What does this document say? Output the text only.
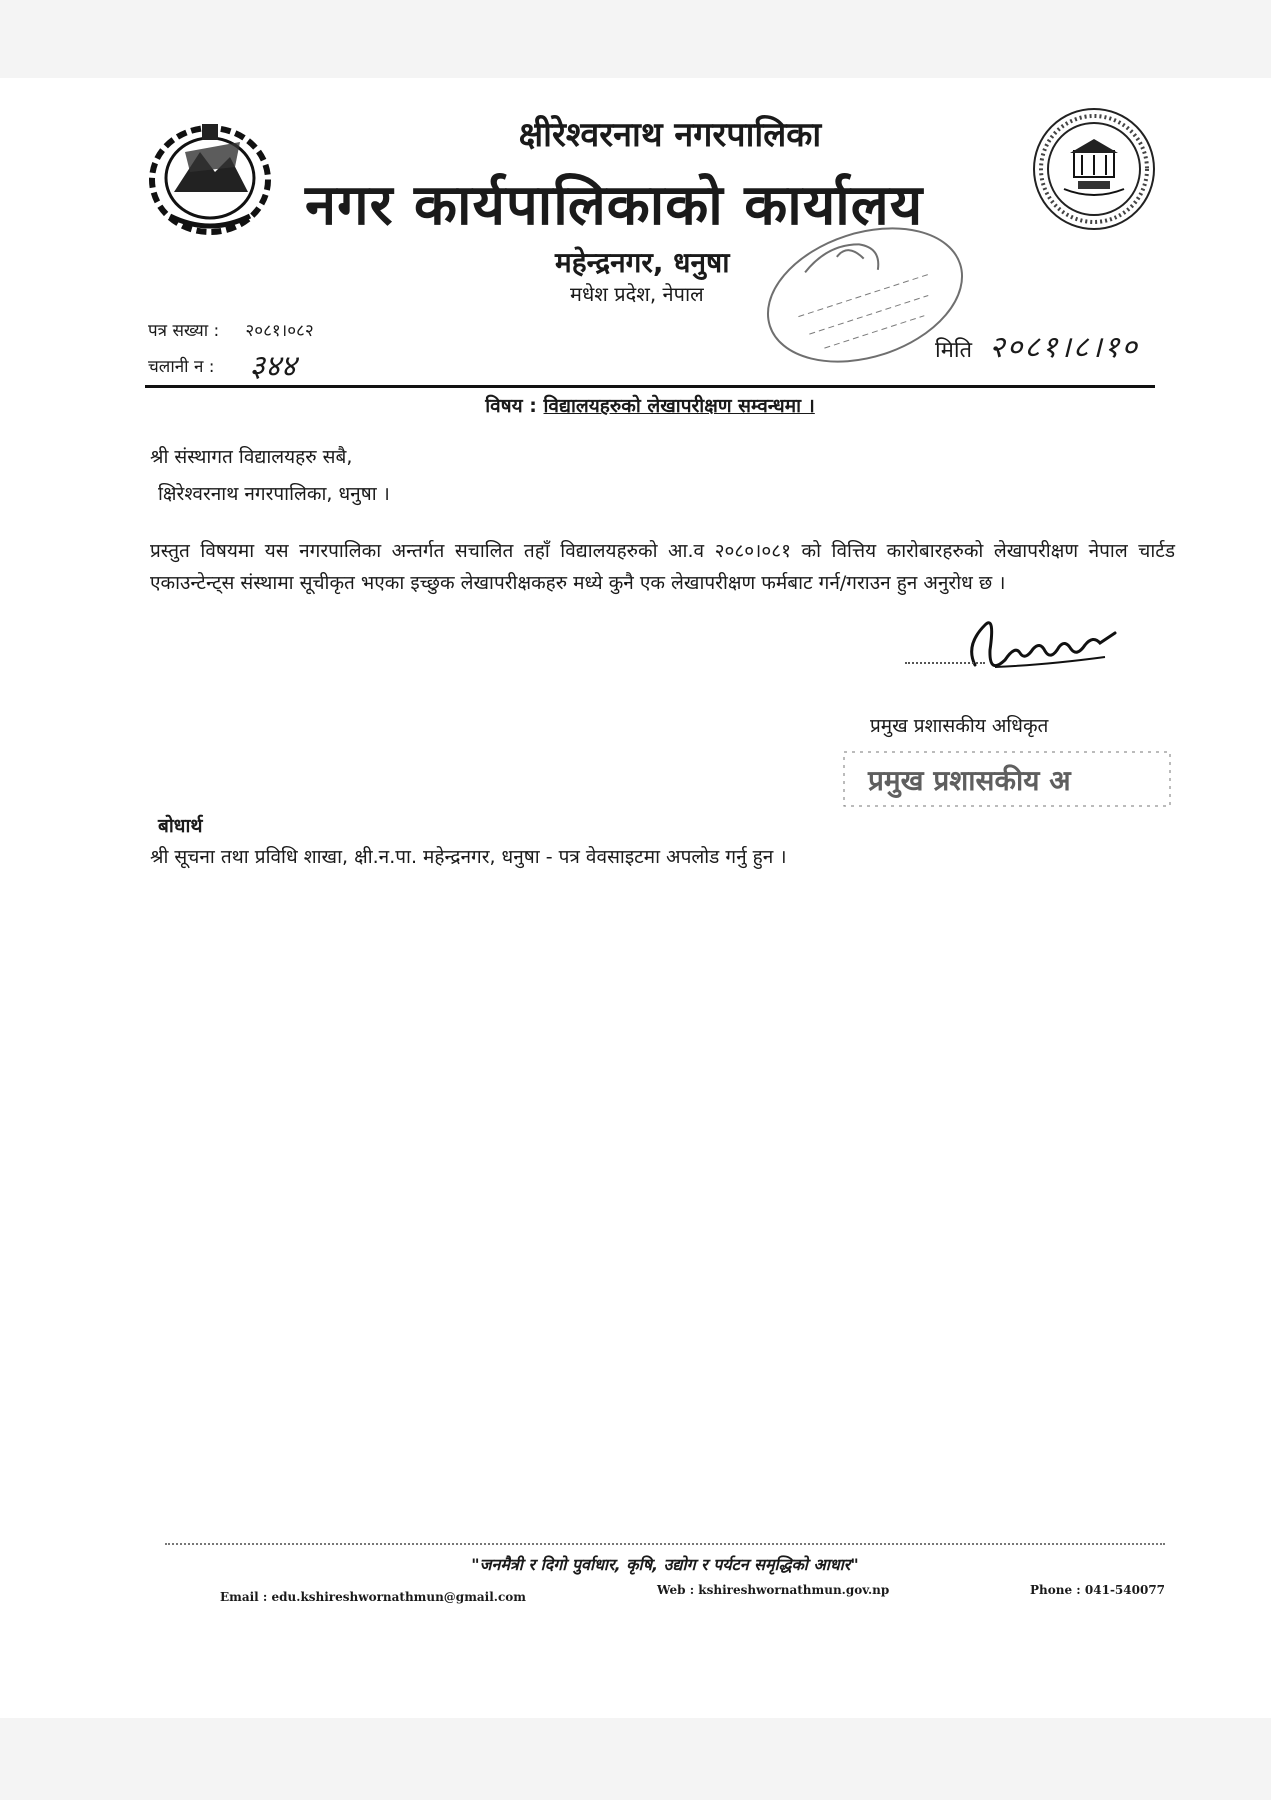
क्षीरेश्वरनाथ नगरपालिका
नगर कार्यपालिकाको कार्यालय
महेन्द्रनगर, धनुषा
मधेश प्रदेश, नेपाल
पत्र सख्या : २०८१।०८२
चलानी न : ३४४	मिति २०८१।८।१०
विषय : विद्यालयहरुको लेखापरीक्षण सम्वन्धमा ।
श्री संस्थागत विद्यालयहरु सबै,
क्षिरेश्वरनाथ नगरपालिका, धनुषा ।
प्रस्तुत विषयमा यस नगरपालिका अन्तर्गत सचालित तहाँ विद्यालयहरुको आ.व २०८०।०८१ को वित्तिय कारोबारहरुको लेखापरीक्षण नेपाल चार्टड एकाउन्टेन्ट्स संस्थामा सूचीकृत भएका इच्छुक लेखापरीक्षकहरु मध्ये कुनै एक लेखापरीक्षण फर्मबाट गर्न/गराउन हुन अनुरोध छ ।
प्रमुख प्रशासकीय अधिकृत
प्रमुख प्रशासकीय अ
बोधार्थ
श्री सूचना तथा प्रविधि शाखा, क्षी.न.पा. महेन्द्रनगर, धनुषा - पत्र वेवसाइटमा अपलोड गर्नु हुन ।
"जनमैत्री र दिगो पुर्वाधार, कृषि, उद्योग र पर्यटन समृद्धिको आधार"
Email : edu.kshireshwornathmun@gmail.com	Web : kshireshwornathmun.gov.np	Phone : 041-540077
